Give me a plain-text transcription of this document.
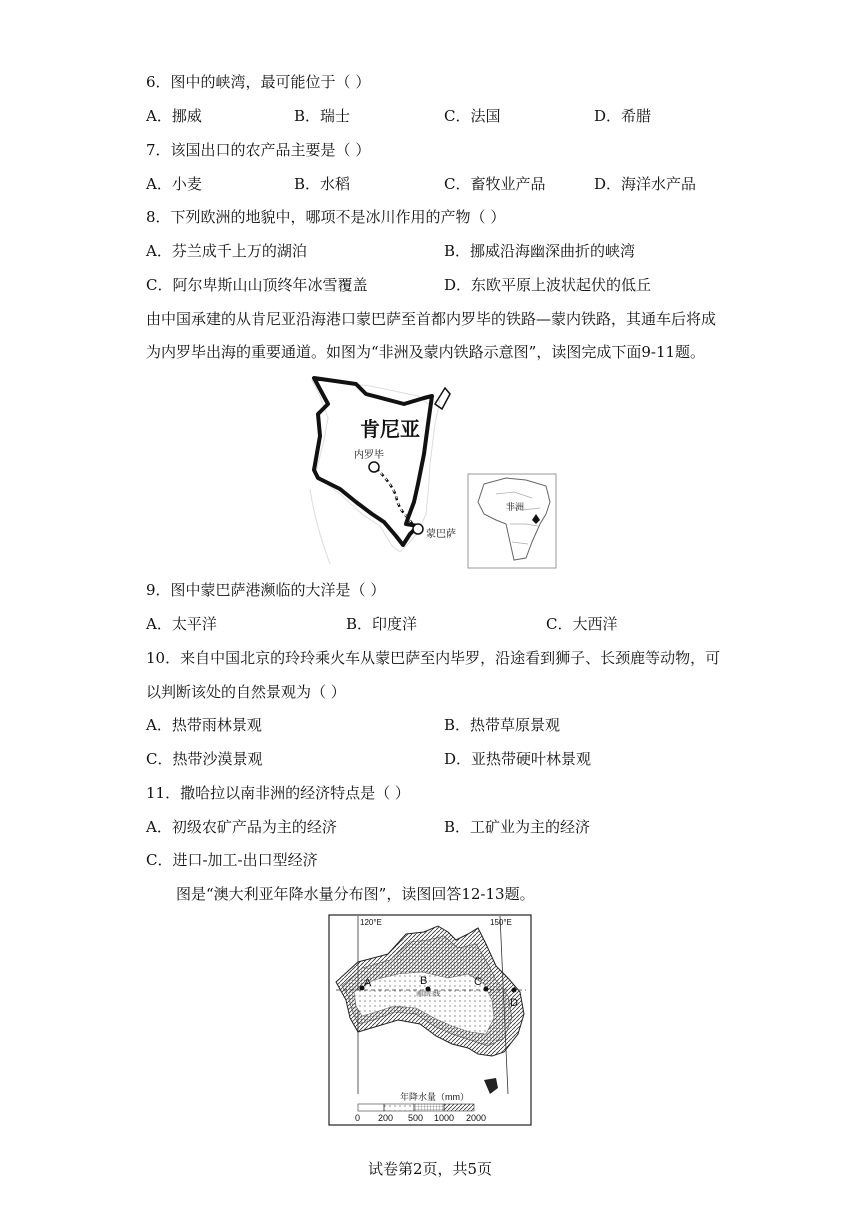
6．图中的峡湾，最可能位于（ ）
A．挪威	B．瑞士	C．法国	D．希腊
7．该国出口的农产品主要是（ ）
A．小麦	B．水稻	C．畜牧业产品	D．海洋水产品
8．下列欧洲的地貌中，哪项不是冰川作用的产物（ ）
A．芬兰成千上万的湖泊	B．挪威沿海幽深曲折的峡湾
C．阿尔卑斯山山顶终年冰雪覆盖	D．东欧平原上波状起伏的低丘
由中国承建的从肯尼亚沿海港口蒙巴萨至首都内罗毕的铁路—蒙内铁路，其通车后将成
为内罗毕出海的重要通道。如图为“非洲及蒙内铁路示意图”，读图完成下面9-11题。
肯尼亚
内罗毕
蒙巴萨
非洲
9．图中蒙巴萨港濒临的大洋是（ ）
A．太平洋	B．印度洋	C．大西洋
10．来自中国北京的玲玲乘火车从蒙巴萨至内毕罗，沿途看到狮子、长颈鹿等动物，可
以判断该处的自然景观为（ ）
A．热带雨林景观	B．热带草原景观
C．热带沙漠景观	D．亚热带硬叶林景观
11．撒哈拉以南非洲的经济特点是（ ）
A．初级农矿产品为主的经济	B．工矿业为主的经济
C．进口-加工-出口型经济
图是“澳大利亚年降水量分布图”，读图回答12-13题。
120°E	150°E
南回归线
A	B	C
D
年降水量（mm）
0 200 500 1000 2000
试卷第2页，共5页
